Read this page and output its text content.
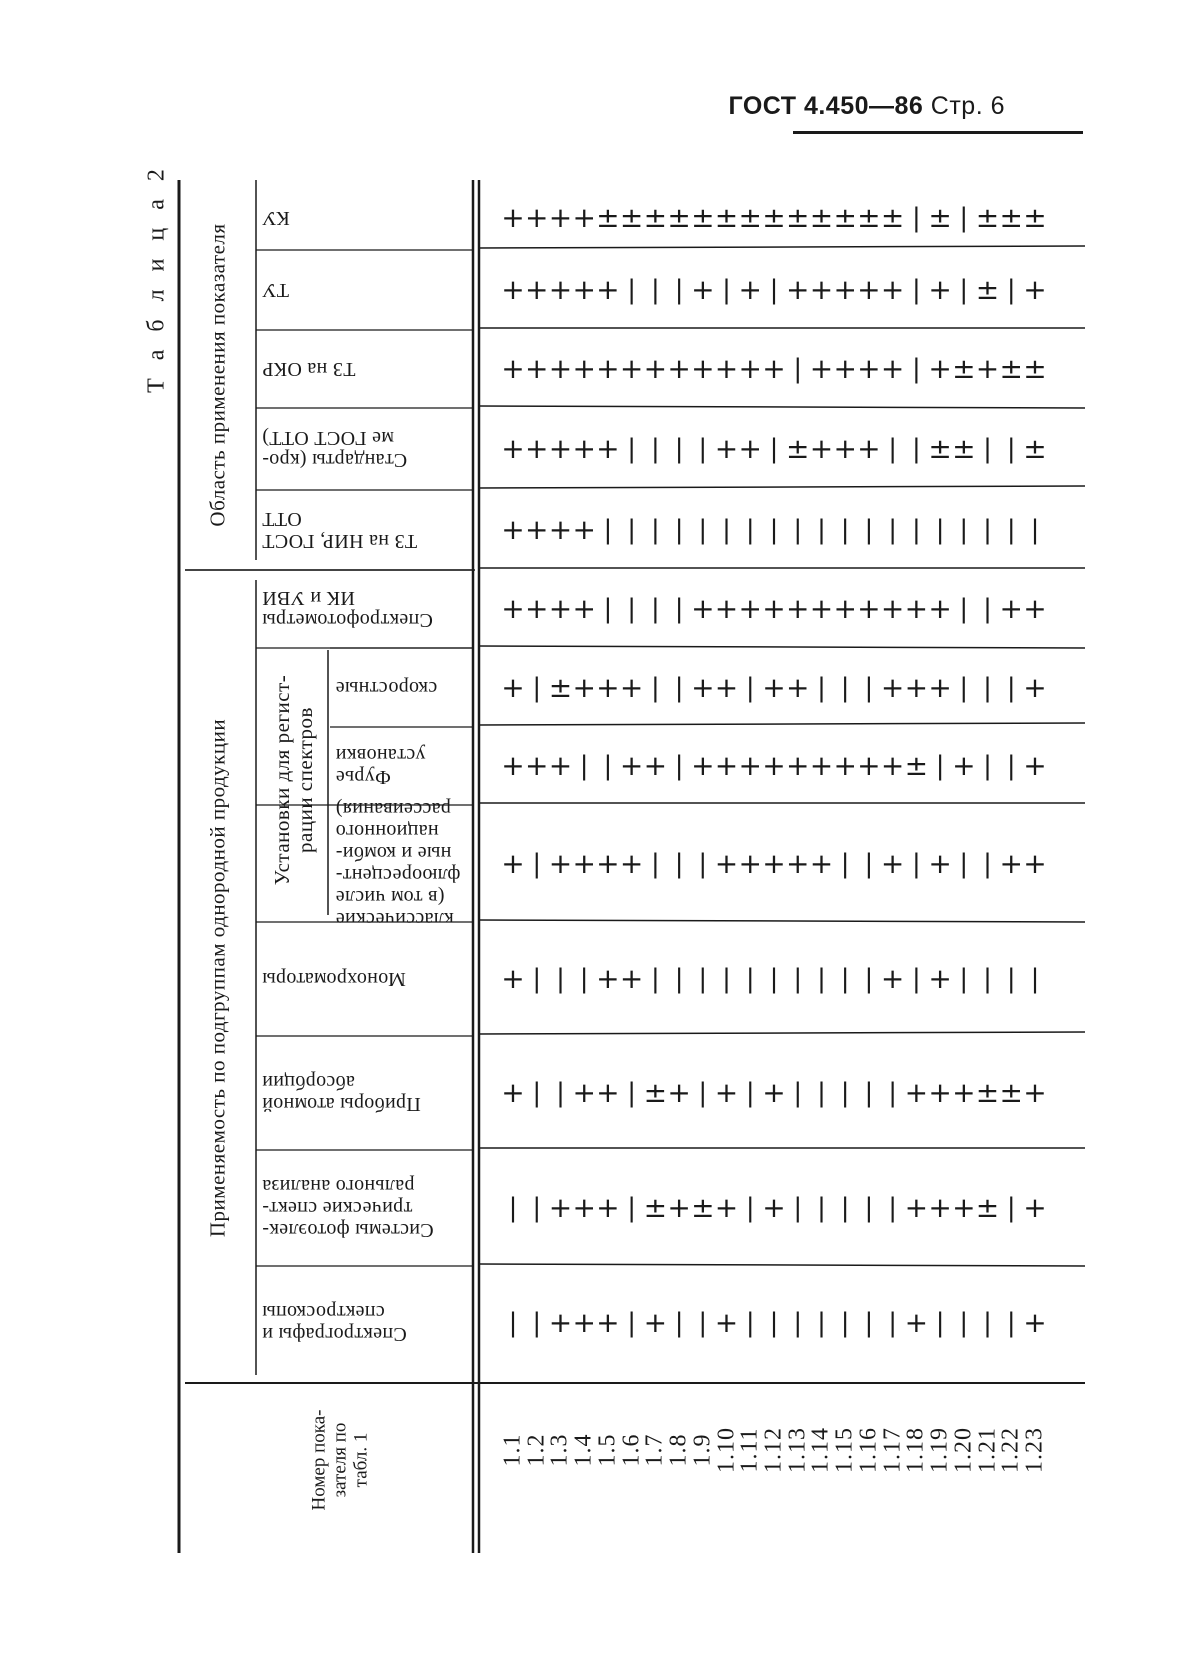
ГОСТ 4.450—86 Стр. 6
КУ
ТУ
ТЗ на ОКР
Стандарты (кро-
ме ГОСТ ОТТ)
ТЗ на НИР, ГОСТ
ОТТ
Спектрофотометры
ИК и УВИ
скоростные
Фурье
установки
классические
(в том числе
флюоресцент-
ные и комби-
национного
рассеивания)
Монохроматоры
Приборы атомной
абсорбции
Системы фотоэлек-
трические спект-
рального анализа
Спектрографы и
спектроскопы
Область применения показателя
Применяемость по подгруппам однородной продукции Установки для регист- рации спектров
Т а б л и ц а 2
Номер пока- зателя по табл. 1	1.1
1.2
1.3
1.4
1.5
1.6
1.7
1.8
1.9
1.10
1.11
1.12
1.13
1.14
1.15
1.16
1.17
1.18
1.19
1.20
1.21
1.22
1.23
+ + + + ± ± ± ± ± ± ± ± ± ± ± ± ± | ± | ± ± ±
+ + + + + | | | + | + | + + + + + | + | ± | +
+ + + + + + + + + + + + | + + + + | + ± + ± ±
+ + + + + | | | | + + | ± + + + | | ± ± | | ±
+ + + + | | | | | | | | | | | | | | | | | | |
+ + + + | | | | + + + + + + + + + + + | | + +
+ | ± + + + | | + + | + + | | | + + + | | | +
+ + + | | + + | + + + + + + + + + ± | + | | +
+ | + + + + | | | + + + + + | | + | + | | + +
+ | | | + + | | | | | | | | | | + | + | | | |
+ | | + + | ± + | + | + | | | | | + + + ± ± +
| | + + + | ± + ± + | + | | | | | + + + ± | +
| | + + + | + | | + | | | | | | | + | | | | +
